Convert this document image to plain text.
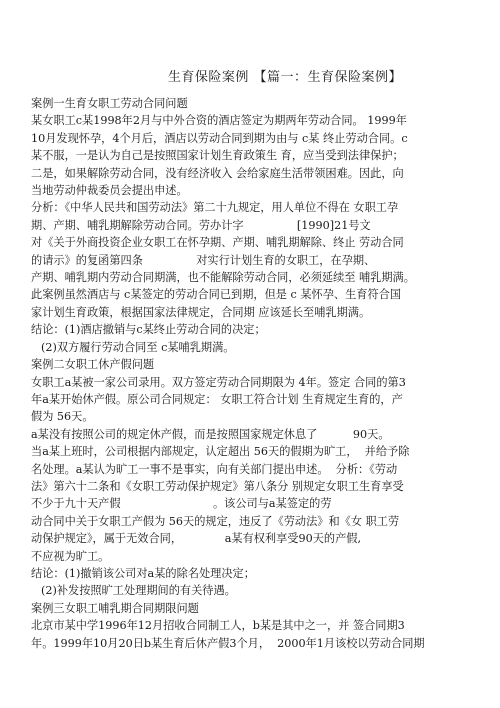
生育保险案例 【篇一：生育保险案例】
案例一生育女职工劳动合同问题
某女职工c某1998年2月与中外合资的酒店签定为期两年劳动合同。 1999年
10月发现怀孕，4个月后，酒店以劳动合同到期为由与 c某 终止劳动合同。c
某不服，一是认为自己是按照国家计划生育政策生 育，应当受到法律保护；
二是，如果解除劳动合同，没有经济收入 会给家庭生活带领困难。因此，向
当地劳动仲裁委员会提出申述。
分析：《中华人民共和国劳动法》第二十九规定，用人单位不得在 女职工孕
期、产期、哺乳期解除劳动合同。劳办计字               [1990]21号文
对《关于外商投资企业女职工在怀孕期、产期、哺乳期解除、终止 劳动合同
的请示》的复函第四条               对实行计划生育的女职工，在孕期、
产期、哺乳期内劳动合同期满，也不能解除劳动合同，必须延续至 哺乳期满。
此案例虽然酒店与 c某签定的劳动合同已到期，但是 c 某怀孕、生育符合国
家计划生育政策，根据国家法律规定，合同期 应该延长至哺乳期满。
结论：(1)酒店撤销与c某终止劳动合同的决定；
(2)双方履行劳动合同至 c某哺乳期满。
案例二女职工休产假问题
女职工a某被一家公司录用。双方签定劳动合同期限为 4年。签定 合同的第3
年a某开始休产假。原公司合同规定： 女职工符合计划 生育规定生育的，产
假为 56天。
a某没有按照公司的规定休产假，而是按照国家规定休息了          90天。
当a某上班时，公司根据内部规定，认定超出 56天的假期为旷工，  并给予除
名处理。a某认为旷工一事不是事实，向有关部门提出申述。  分析：《劳动
法》第六十二条和《女职工劳动保护规定》第八条分 别规定女职工生育享受
不少于九十天产假                          。该公司与a某签定的劳
动合同中关于女职工产假为 56天的规定，违反了《劳动法》和《女 职工劳
动保护规定》，属于无效合同，            a某有权利享受90天的产假,
不应视为旷工。
结论：(1)撤销该公司对a某的除名处理决定；
(2)补发按照旷工处理期间的有关待遇。
案例三女职工哺乳期合同期限问题
北京市某中学1996年12月招收合同制工人，b某是其中之一，并 签合同期3
年。1999年10月20日b某生育后休产假3个月，  2000年1月该校以劳动合同期
